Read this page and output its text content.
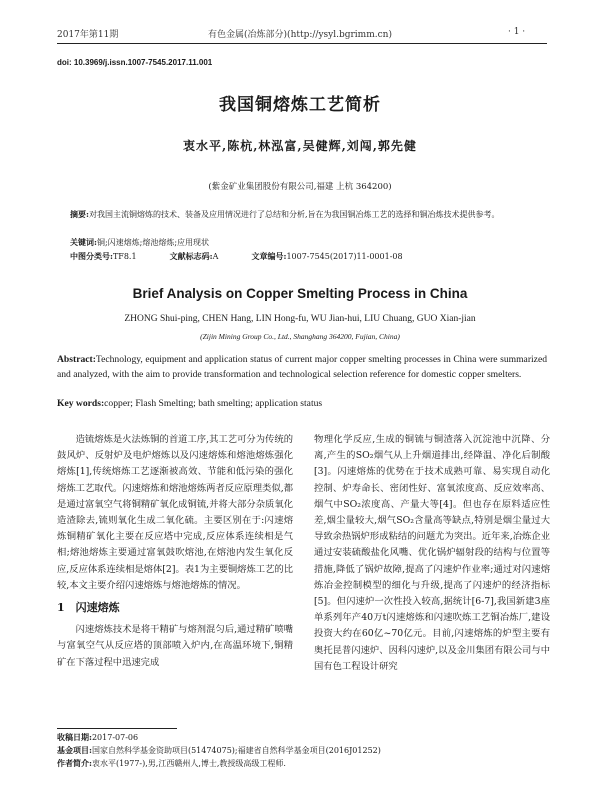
2017年第11期	有色金属(冶炼部分)(http://ysyl.bgrimm.cn)	· 1 ·
doi: 10.3969/j.issn.1007-7545.2017.11.001
我国铜熔炼工艺简析
衷水平,陈杭,林泓富,吴健辉,刘闯,郭先健
(紫金矿业集团股份有限公司,福建 上杭 364200)
摘要:对我国主流铜熔炼的技术、装备及应用情况进行了总结和分析,旨在为我国铜冶炼工艺的选择和铜冶炼技术提供参考。
关键词:铜;闪速熔炼;熔池熔炼;应用现状
中图分类号:TF8.1	文献标志码:A	文章编号:1007-7545(2017)11-0001-08
Brief Analysis on Copper Smelting Process in China
ZHONG Shui-ping, CHEN Hang, LIN Hong-fu, WU Jian-hui, LIU Chuang, GUO Xian-jian
(Zijin Mining Group Co., Ltd., Shanghang 364200, Fujian, China)
Abstract:Technology, equipment and application status of current major copper smelting processes in China were summarized and analyzed, with the aim to provide transformation and technological selection reference for domestic copper smelters.
Key words:copper; Flash Smelting; bath smelting; application status

造锍熔炼是火法炼铜的首道工序,其工艺可分为传统的鼓风炉、反射炉及电炉熔炼以及闪速熔炼和熔池熔炼强化熔炼[1],传统熔炼工艺逐渐被高效、节能和低污染的强化熔炼工艺取代。闪速熔炼和熔池熔炼两者反应原理类似,都是通过富氧空气将铜精矿氧化成铜锍,并将大部分杂质氧化造渣除去,锍则氧化生成二氧化硫。主要区别在于:闪速熔炼铜精矿氧化主要在反应塔中完成,反应体系连续相是气相;熔池熔炼主要通过富氧鼓吹熔池,在熔池内发生氧化反应,反应体系连续相是熔体[2]。表1为主要铜熔炼工艺的比较,本文主要介绍闪速熔炼与熔池熔炼的情况。

1　闪速熔炼

闪速熔炼技术是将干精矿与熔剂混匀后,通过精矿喷嘴与富氧空气从反应塔的顶部喷入炉内,在高温环境下,铜精矿在下落过程中迅速完成

物理化学反应,生成的铜锍与铜渣落入沉淀池中沉降、分离,产生的SO₂烟气从上升烟道排出,经降温、净化后制酸[3]。闪速熔炼的优势在于技术成熟可靠、易实现自动化控制、炉寿命长、密闭性好、富氧浓度高、反应效率高、烟气中SO₂浓度高、产量大等[4]。但也存在原料适应性差,烟尘量较大,烟气SO₂含量高等缺点,特别是烟尘量过大导致余热锅炉形成粘结的问题尤为突出。近年来,冶炼企业通过安装硫酸盐化风嘴、优化锅炉辐射段的结构与位置等措施,降低了锅炉故障,提高了闪速炉作业率;通过对闪速熔炼冶金控制模型的细化与升级,提高了闪速炉的经济指标[5]。但闪速炉一次性投入较高,据统计[6-7],我国新建3座单系列年产40万t闪速熔炼和闪速吹炼工艺铜冶炼厂,建设投资大约在60亿~70亿元。目前,闪速熔炼的炉型主要有奥托昆普闪速炉、因科闪速炉,以及金川集团有限公司与中国有色工程设计研究

收稿日期:2017-07-06
基金项目:国家自然科学基金资助项目(51474075);福建省自然科学基金项目(2016J01252)
作者简介:衷水平(1977-),男,江西赣州人,博士,教授级高级工程师.
